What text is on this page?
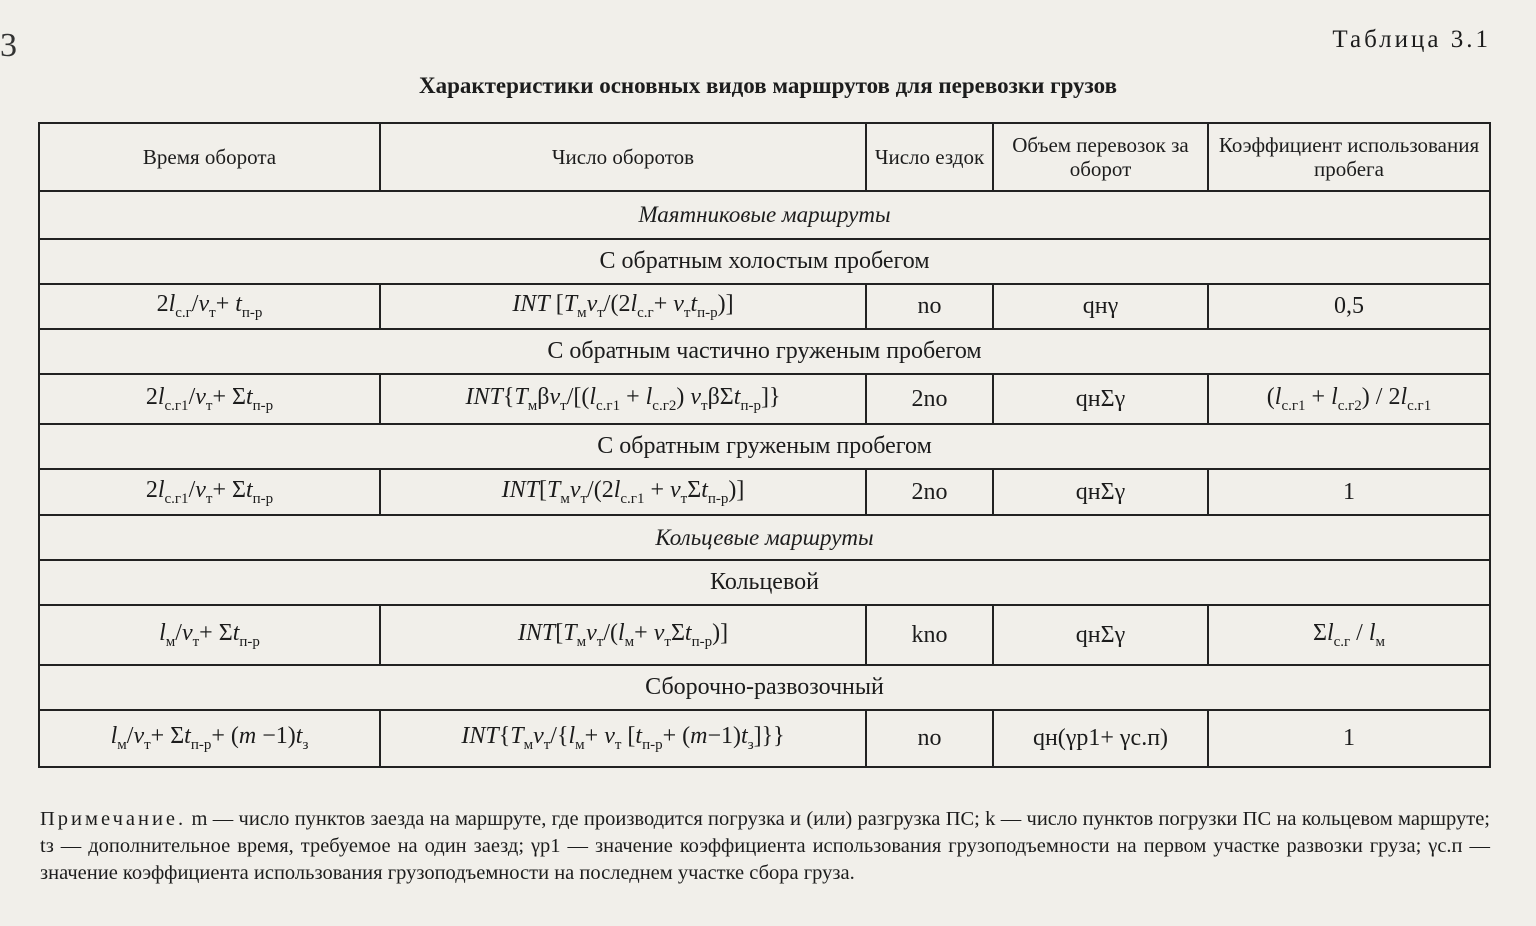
3	Таблица 3.1
Характеристики основных видов маршрутов для перевозки грузов
Время оборота	Число оборотов	Число ездок	Объем перевозок за оборот	Коэффициент использования пробега
Маятниковые маршруты				
С обратным холостым пробегом				
$2l_{с.г}/v_т+ t_{п-р}$	INT $[T_мv_т/(2l_{с.г}+ v_тt_{п-р})]$	nо	qнγ	0,5
С обратным частично груженым пробегом				
$2l_{с.г1}/v_т+ \Sigma t_{п-р}$	$INT\{T_м\beta v_т/[(l_{с.г1} + l_{с.г2})$ $v_т\beta\Sigma t_{п-р}$]}	2nо	qнΣγ	$(l_{с.г1} + l_{с.г2}) / 2l_{с.г1}$
С обратным груженым пробегом				
$2l_{с.г1}/v_т+ \Sigma t_{п-р}$	$INT[T_мv_т/(2l_{с.г1} + v_т\Sigma t_{п-р})]$	2nо	qнΣγ	1
Кольцевые маршруты				
Кольцевой				
$l_м/v_т+ \Sigma t_{п-р}$	$INT[T_мv_т/(l_м+ v_т\Sigma t_{п-р})]$	knо	qнΣγ	$\Sigma l_{с.г} / l_м$
Сборочно-развозочный				
$l_м/v_т+ \Sigma t_{п-р}+ (m -1)t_з$	$INT\{T_мv_т/\{l_м+ v_т$ $[t_{п-р}+ (m-1)t_з]$}}	nо	qн(γр1+ γс.п)	1
Примечание. m — число пунктов заезда на маршруте, где производится погрузка и (или) разгрузка ПС; k — число пунктов погрузки ПС на кольцевом маршруте; tз — дополнительное время, требуемое на один заезд; γр1 — значение коэффициента использования грузоподъемности на первом участке развозки груза; γс.п — значение коэффициента использования грузоподъемности на последнем участке сбора груза.
